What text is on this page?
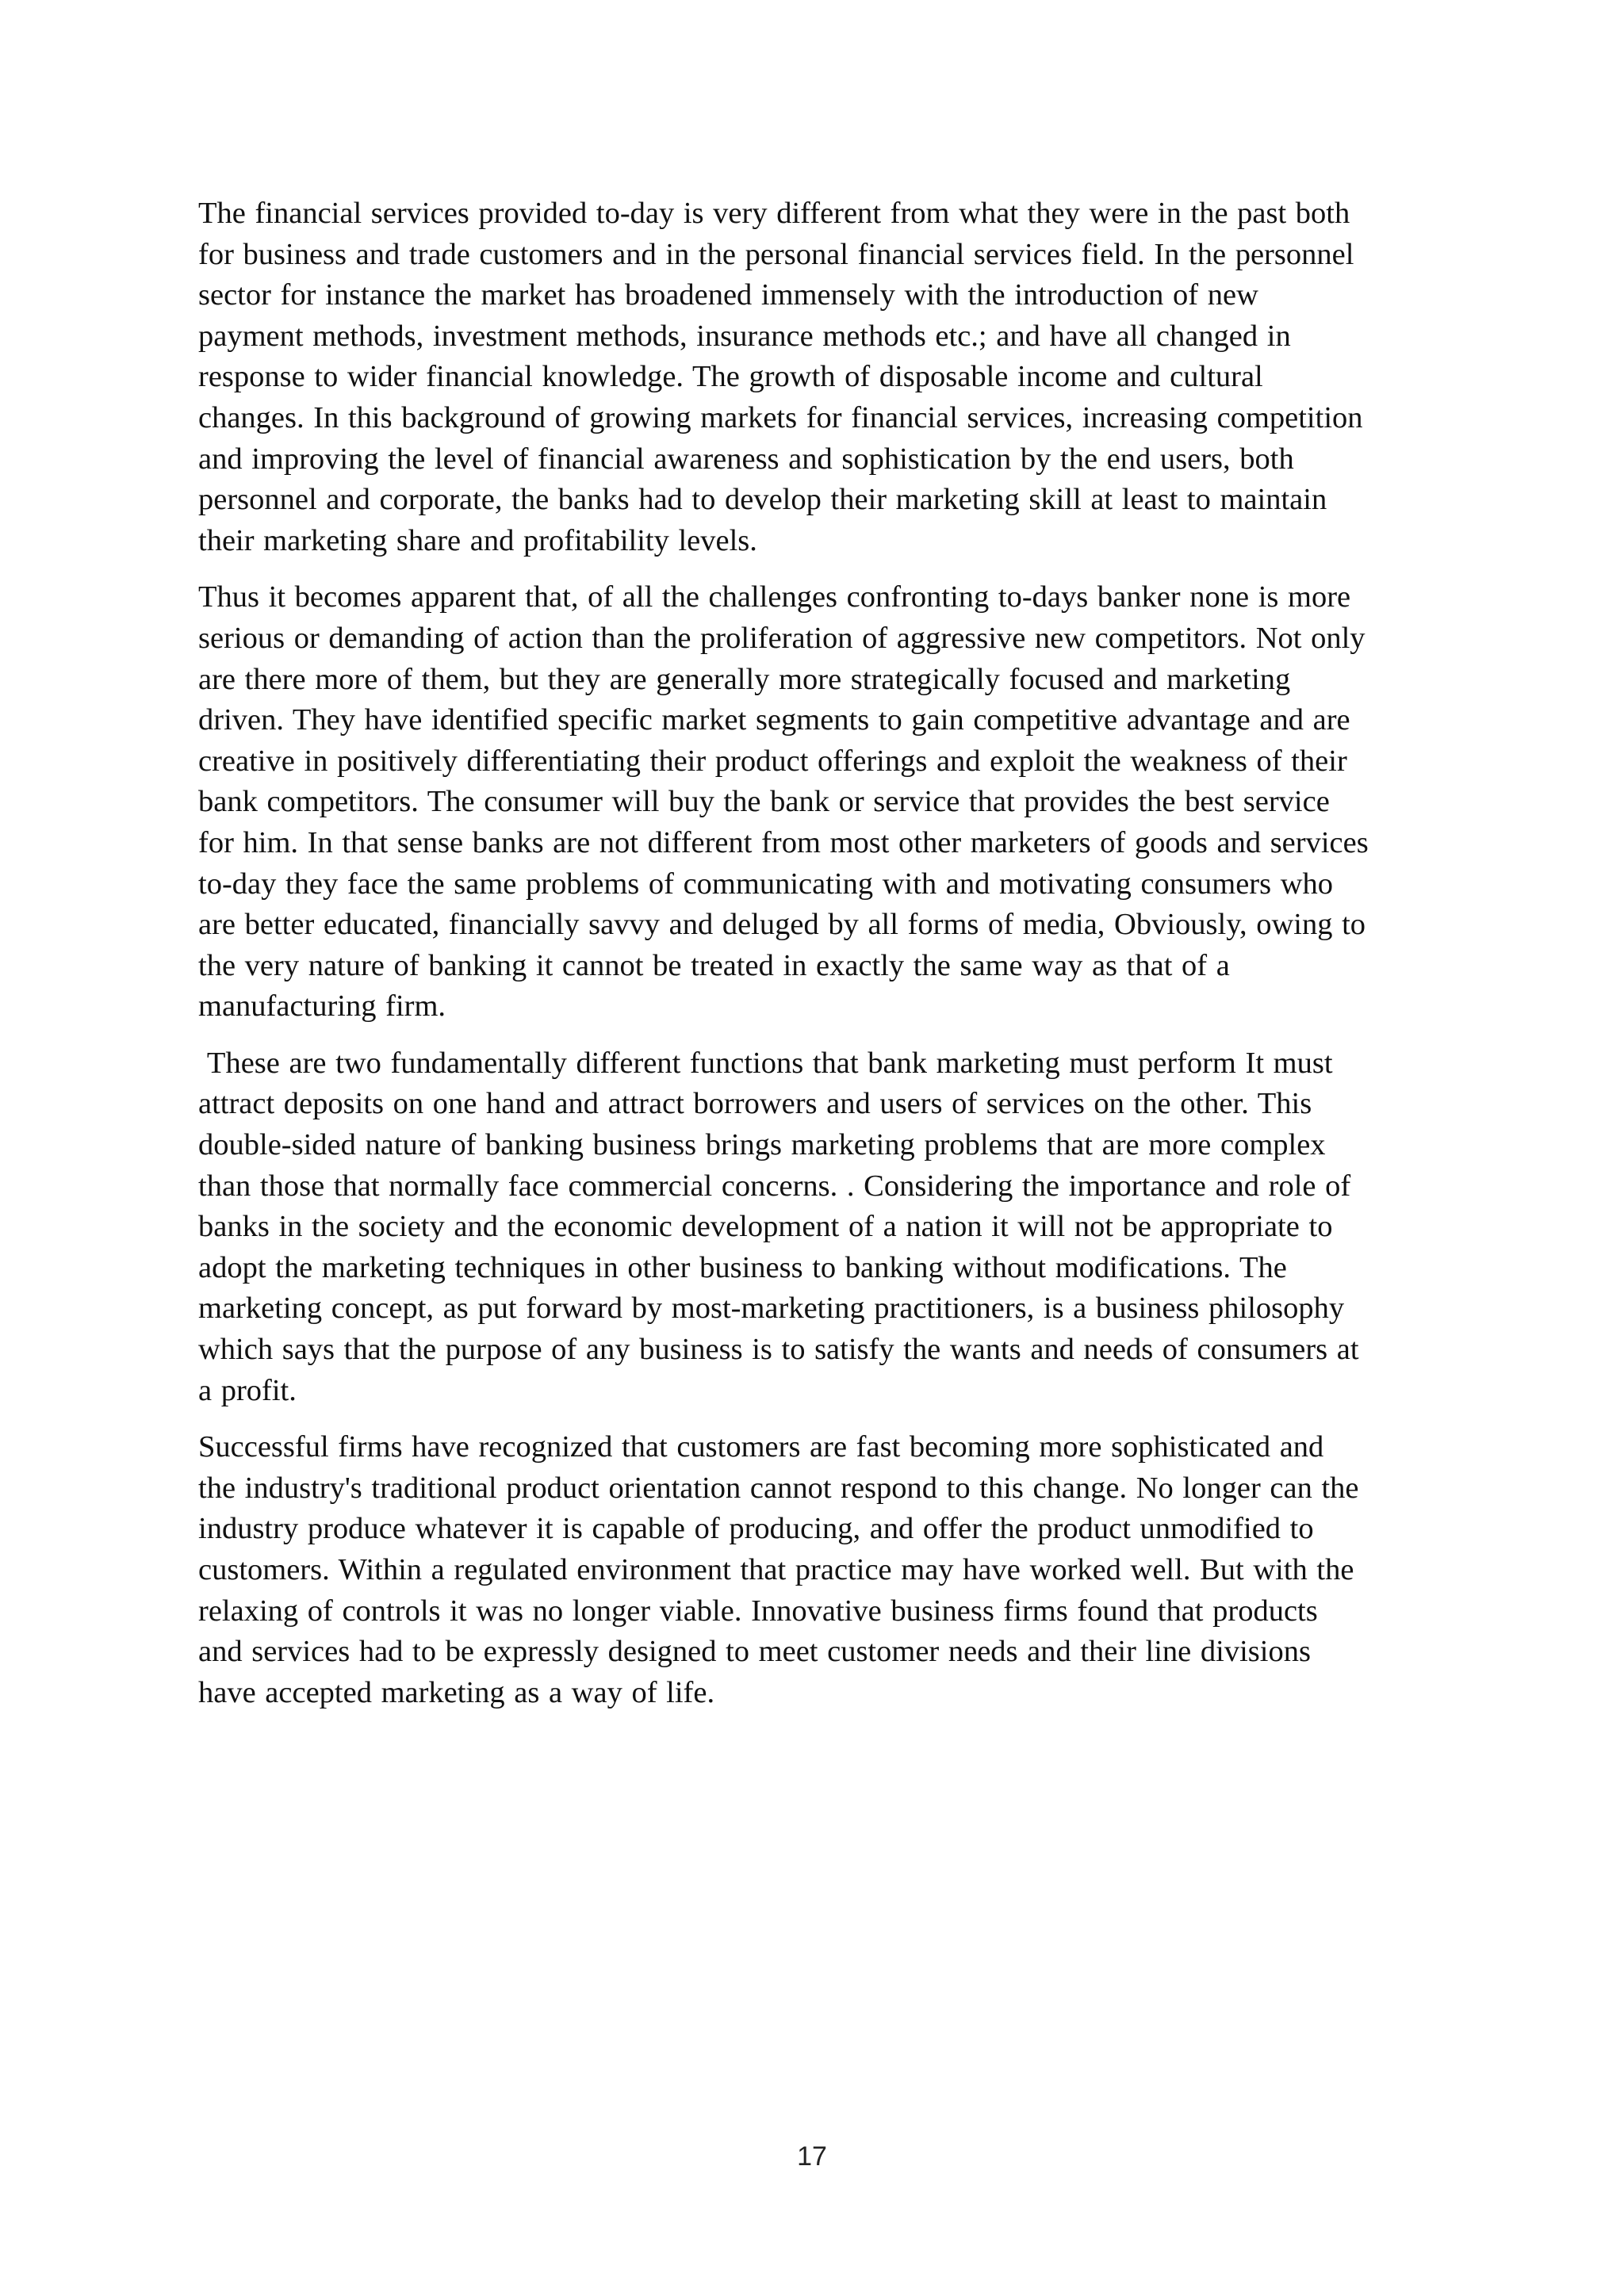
The financial services provided to-day is very different from what they were in the past both
for business and trade customers and in the personal financial services field. In the personnel
sector for instance the market has broadened immensely with the introduction of new
payment methods, investment methods, insurance methods etc.; and have all changed in
response to wider financial knowledge. The growth of disposable income and cultural
changes. In this background of growing markets for financial services, increasing competition
and improving the level of financial awareness and sophistication by the end users, both
personnel and corporate, the banks had to develop their marketing skill at least to maintain
their marketing share and profitability levels.

Thus it becomes apparent that, of all the challenges confronting to-days banker none is more
serious or demanding of action than the proliferation of aggressive new competitors. Not only
are there more of them, but they are generally more strategically focused and marketing
driven. They have identified specific market segments to gain competitive advantage and are
creative in positively differentiating their product offerings and exploit the weakness of their
bank competitors. The consumer will buy the bank or service that provides the best service
for him. In that sense banks are not different from most other marketers of goods and services
to-day they face the same problems of communicating with and motivating consumers who
are better educated, financially savvy and deluged by all forms of media, Obviously, owing to
the very nature of banking it cannot be treated in exactly the same way as that of a
manufacturing firm.

These are two fundamentally different functions that bank marketing must perform It must
attract deposits on one hand and attract borrowers and users of services on the other. This
double-sided nature of banking business brings marketing problems that are more complex
than those that normally face commercial concerns. . Considering the importance and role of
banks in the society and the economic development of a nation it will not be appropriate to
adopt the marketing techniques in other business to banking without modifications. The
marketing concept, as put forward by most-marketing practitioners, is a business philosophy
which says that the purpose of any business is to satisfy the wants and needs of consumers at
a profit.

Successful firms have recognized that customers are fast becoming more sophisticated and
the industry's traditional product orientation cannot respond to this change. No longer can the
industry produce whatever it is capable of producing, and offer the product unmodified to
customers. Within a regulated environment that practice may have worked well. But with the
relaxing of controls it was no longer viable. Innovative business firms found that products
and services had to be expressly designed to meet customer needs and their line divisions
have accepted marketing as a way of life.

17
